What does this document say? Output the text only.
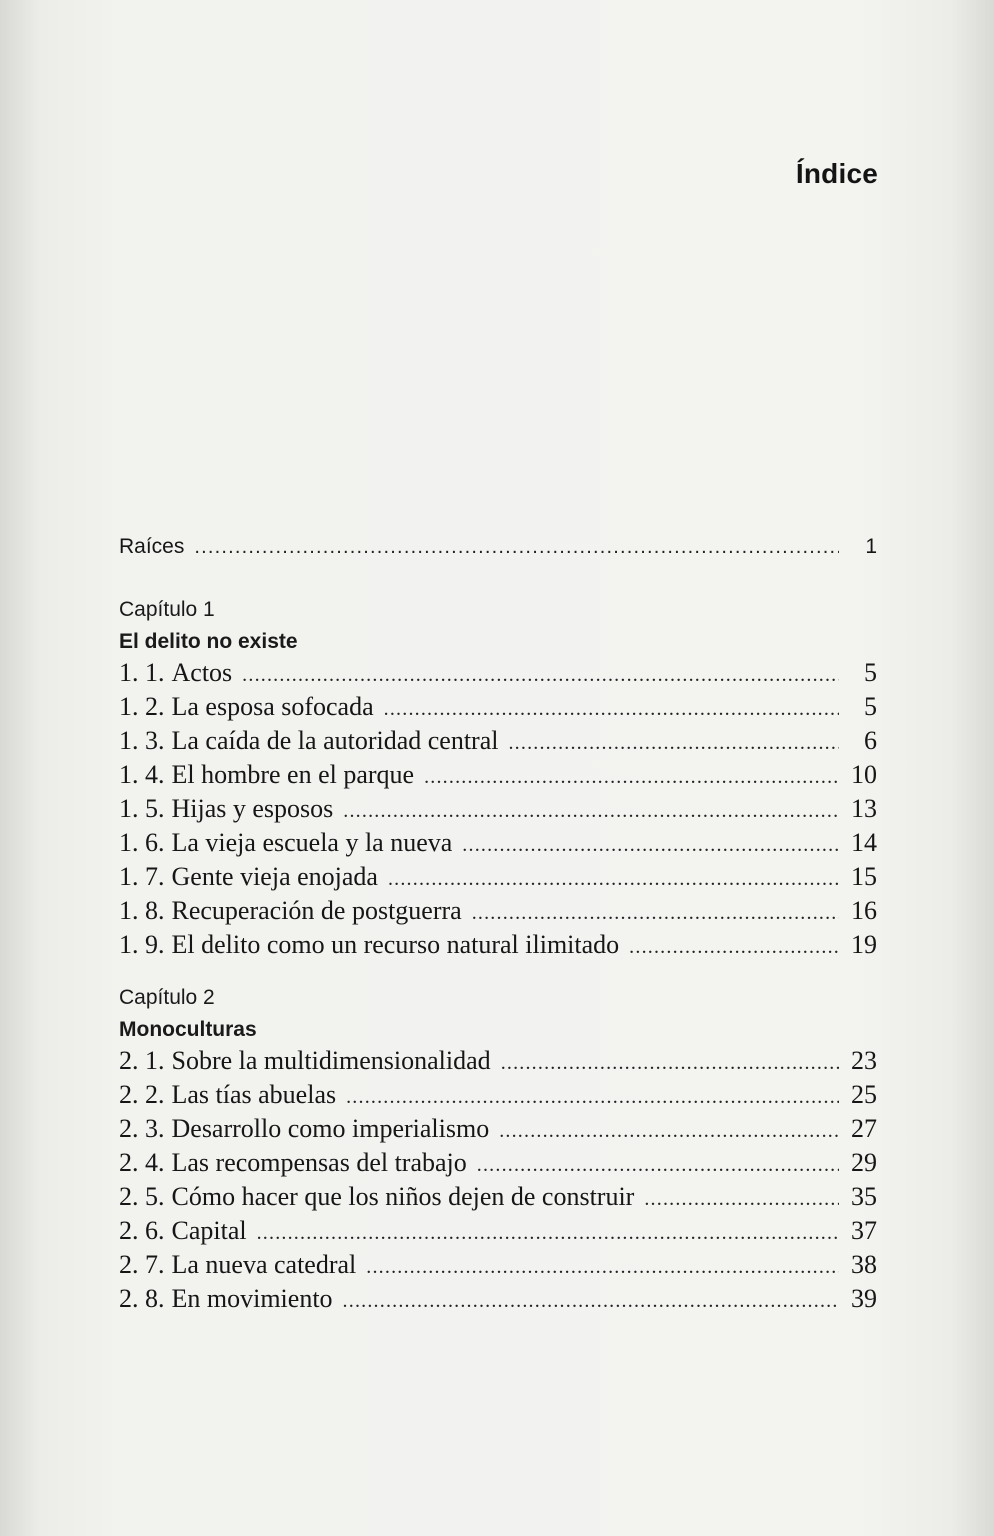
Índice
Raíces .....	1
Capítulo 1
El delito no existe
1. 1. Actos .....	5
1. 2. La esposa sofocada .....	5
1. 3. La caída de la autoridad central .....	6
1. 4. El hombre en el parque .....	10
1. 5. Hijas y esposos .....	13
1. 6. La vieja escuela y la nueva .....	14
1. 7. Gente vieja enojada .....	15
1. 8. Recuperación de postguerra .....	16
1. 9. El delito como un recurso natural ilimitado .....	19
Capítulo 2
Monoculturas
2. 1. Sobre la multidimensionalidad .....	23
2. 2. Las tías abuelas .....	25
2. 3. Desarrollo como imperialismo .....	27
2. 4. Las recompensas del trabajo .....	29
2. 5. Cómo hacer que los niños dejen de construir .....	35
2. 6. Capital .....	37
2. 7. La nueva catedral .....	38
2. 8. En movimiento .....	39
